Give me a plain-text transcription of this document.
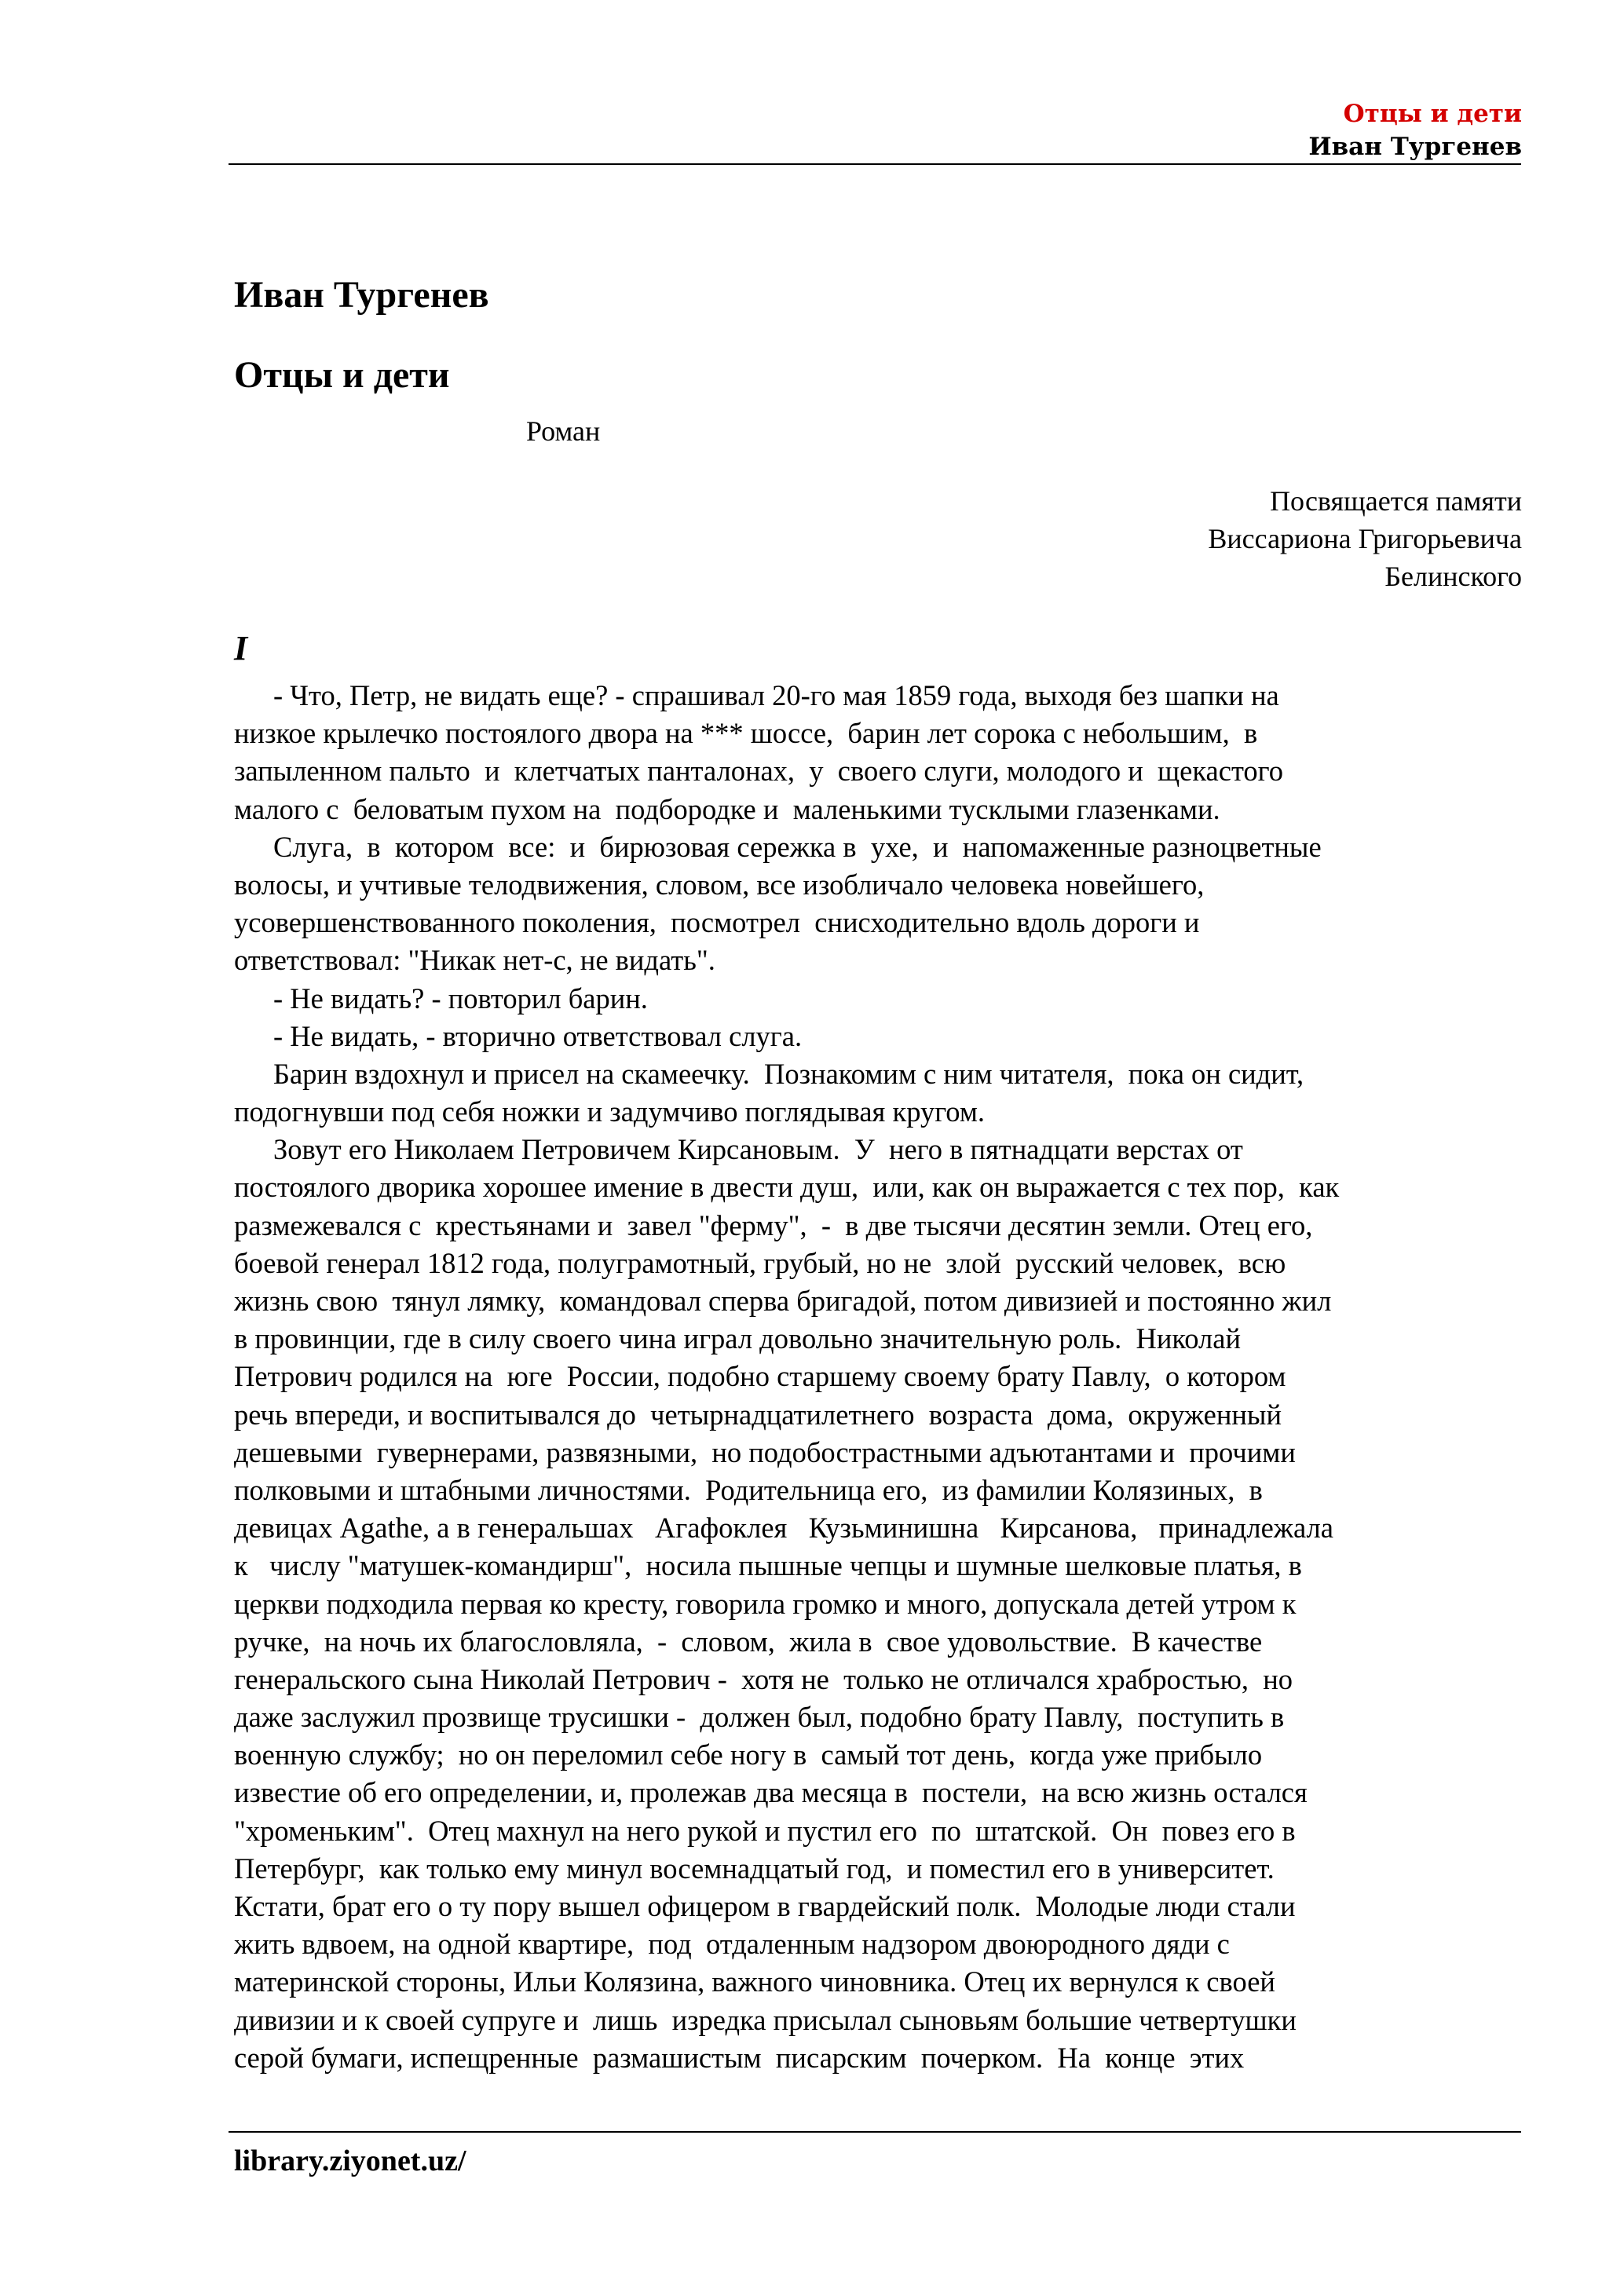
Отцы и дети
Иван Тургенев
Иван Тургенев
Отцы и дети
Роман
Посвящается памяти
Виссариона Григорьевича
Белинского
I
- Что, Петр, не видать еще? - спрашивал 20-го мая 1859 года, выходя без шапки на
низкое крылечко постоялого двора на *** шоссе,  барин лет сорока с небольшим,  в
запыленном пальто  и  клетчатых панталонах,  у  своего слуги, молодого и  щекастого
малого с  беловатым пухом на  подбородке и  маленькими тусклыми глазенками.
Слуга,  в  котором  все:  и  бирюзовая сережка в  ухе,  и  напомаженные разноцветные
волосы, и учтивые телодвижения, словом, все изобличало человека новейшего,
усовершенствованного поколения,  посмотрел  снисходительно вдоль дороги и
ответствовал: "Никак нет-с, не видать".
- Не видать? - повторил барин.
- Не видать, - вторично ответствовал слуга.
Барин вздохнул и присел на скамеечку.  Познакомим с ним читателя,  пока он сидит,
подогнувши под себя ножки и задумчиво поглядывая кругом.
Зовут его Николаем Петровичем Кирсановым.  У  него в пятнадцати верстах от
постоялого дворика хорошее имение в двести душ,  или, как он выражается с тех пор,  как
размежевался с  крестьянами и  завел "ферму",  -  в две тысячи десятин земли. Отец его,
боевой генерал 1812 года, полуграмотный, грубый, но не  злой  русский человек,  всю
жизнь свою  тянул лямку,  командовал сперва бригадой, потом дивизией и постоянно жил
в провинции, где в силу своего чина играл довольно значительную роль.  Николай
Петрович родился на  юге  России, подобно старшему своему брату Павлу,  о котором
речь впереди, и воспитывался до  четырнадцатилетнего  возраста  дома,  окруженный
дешевыми  гувернерами, развязными,  но подобострастными адъютантами и  прочими
полковыми и штабными личностями.  Родительница его,  из фамилии Колязиных,  в
девицах Agathe, а в генеральшах   Агафоклея   Кузьминишна   Кирсанова,   принадлежала
к   числу "матушек-командирш",  носила пышные чепцы и шумные шелковые платья, в
церкви подходила первая ко кресту, говорила громко и много, допускала детей утром к
ручке,  на ночь их благословляла,  -  словом,  жила в  свое удовольствие.  В качестве
генеральского сына Николай Петрович -  хотя не  только не отличался храбростью,  но
даже заслужил прозвище трусишки -  должен был, подобно брату Павлу,  поступить в
военную службу;  но он переломил себе ногу в  самый тот день,  когда уже прибыло
известие об его определении, и, пролежав два месяца в  постели,  на всю жизнь остался
"хроменьким".  Отец махнул на него рукой и пустил его  по  штатской.  Он  повез его в
Петербург,  как только ему минул восемнадцатый год,  и поместил его в университет.
Кстати, брат его о ту пору вышел офицером в гвардейский полк.  Молодые люди стали
жить вдвоем, на одной квартире,  под  отдаленным надзором двоюродного дяди с
материнской стороны, Ильи Колязина, важного чиновника. Отец их вернулся к своей
дивизии и к своей супруге и  лишь  изредка присылал сыновьям большие четвертушки
серой бумаги, испещренные  размашистым  писарским  почерком.  На  конце  этих
library.ziyonet.uz/
